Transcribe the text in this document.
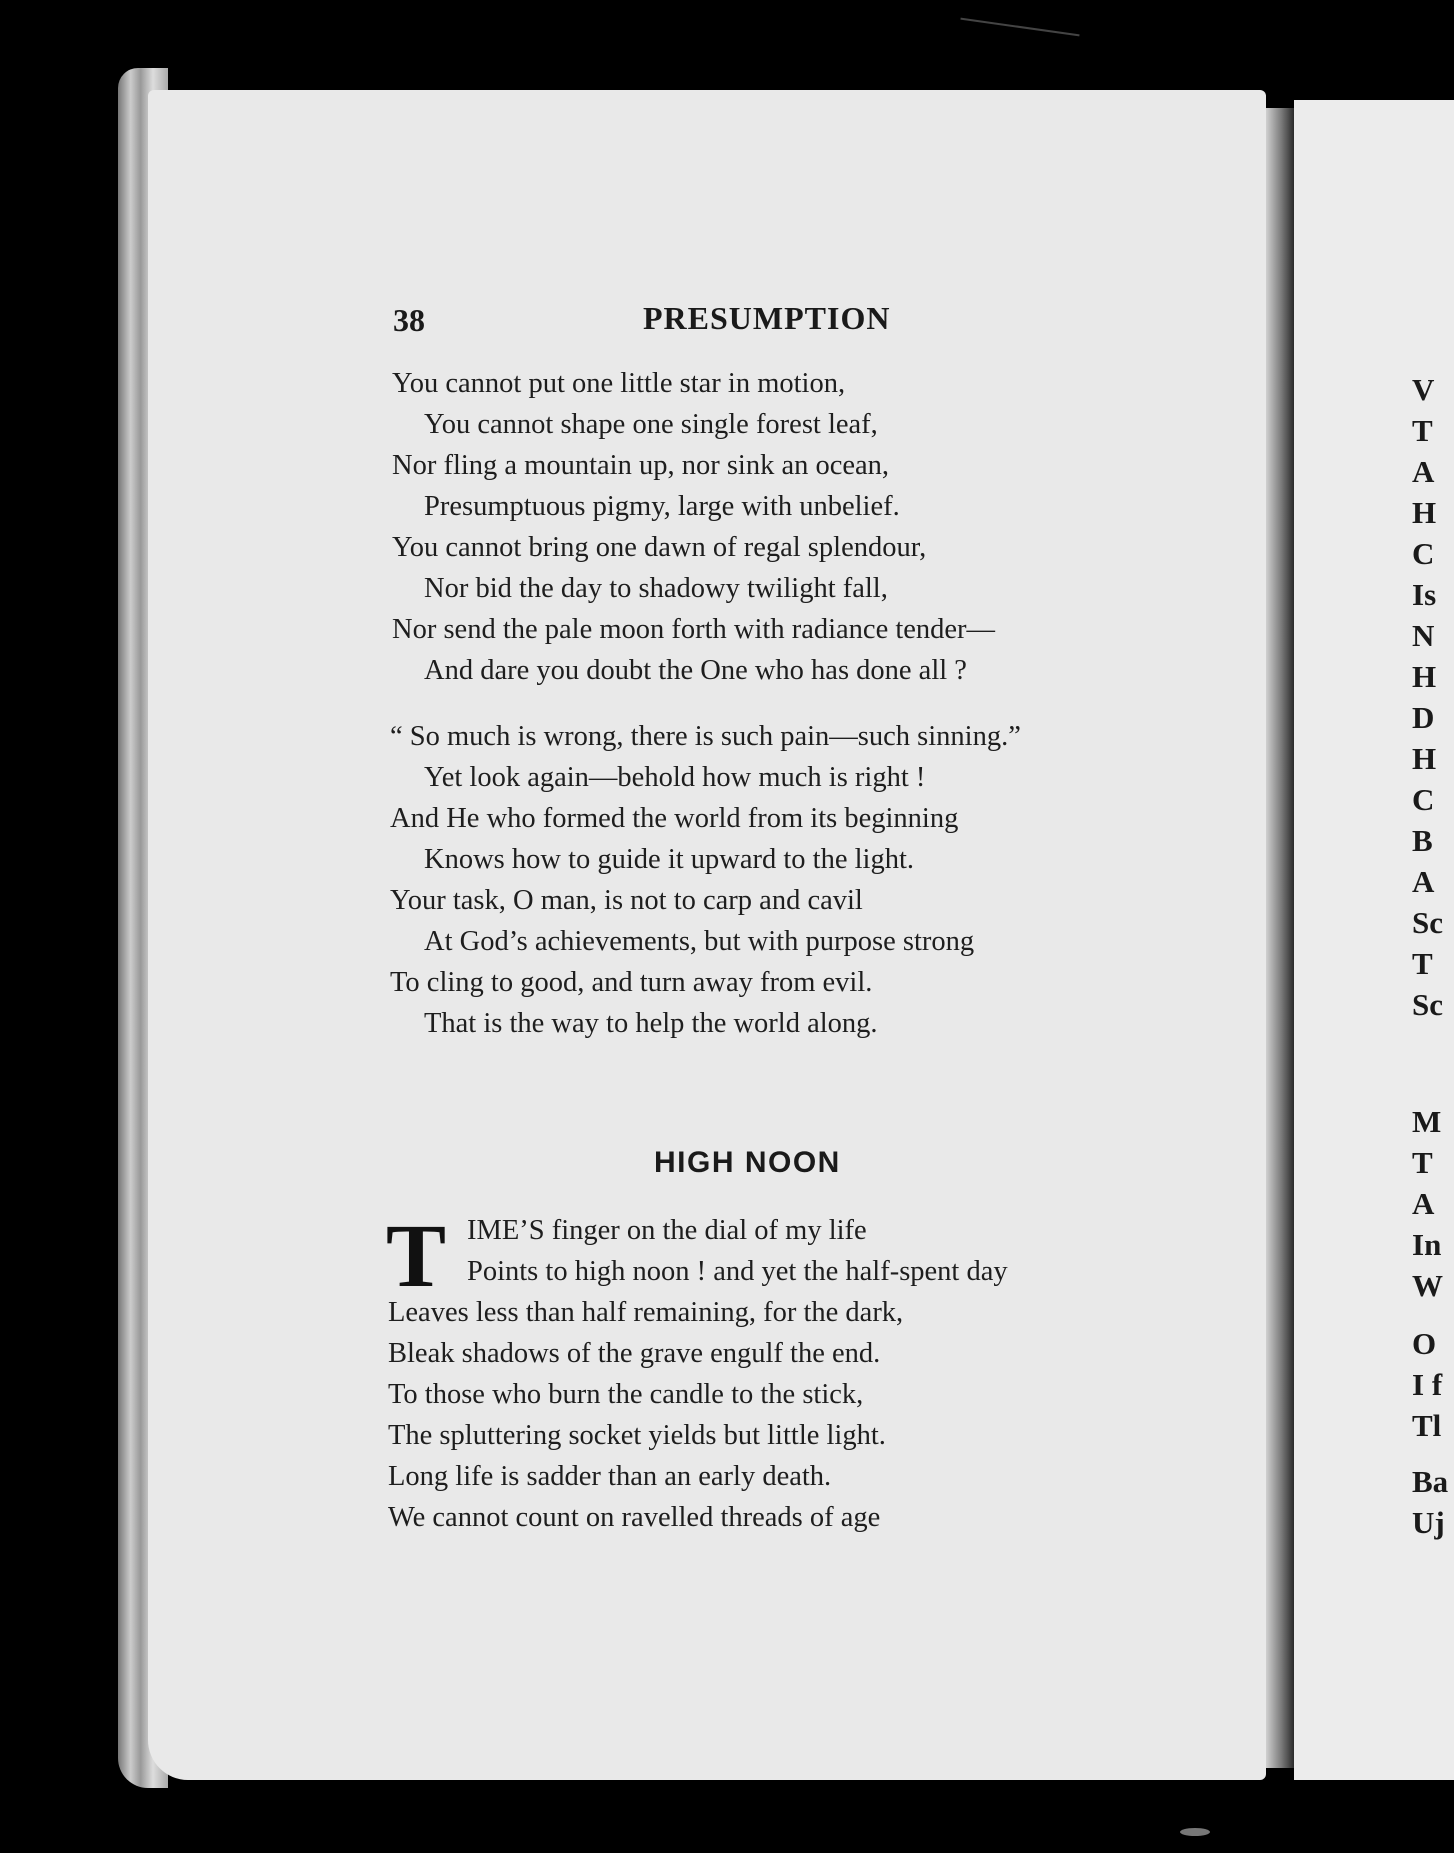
38	PRESUMPTION
You cannot put one little star in motion,
You cannot shape one single forest leaf,
Nor fling a mountain up, nor sink an ocean,
Presumptuous pigmy, large with unbelief.
You cannot bring one dawn of regal splendour,
Nor bid the day to shadowy twilight fall,
Nor send the pale moon forth with radiance tender—
And dare you doubt the One who has done all ?
“ So much is wrong, there is such pain—such sinning.”
Yet look again—behold how much is right !
And He who formed the world from its beginning
Knows how to guide it upward to the light.
Your task, O man, is not to carp and cavil
At God’s achievements, but with purpose strong
To cling to good, and turn away from evil.
That is the way to help the world along.
HIGH NOON
T IME’S finger on the dial of my life
Points to high noon ! and yet the half-spent day
Leaves less than half remaining, for the dark,
Bleak shadows of the grave engulf the end.
To those who burn the candle to the stick,
The spluttering socket yields but little light.
Long life is sadder than an early death.
We cannot count on ravelled threads of age
V
T
A
H
C
Is
N
H
D
H
C
B
A
Sc
T
Sc
M
T
A
In
W
O
I f
Tl
Ba
Uj
